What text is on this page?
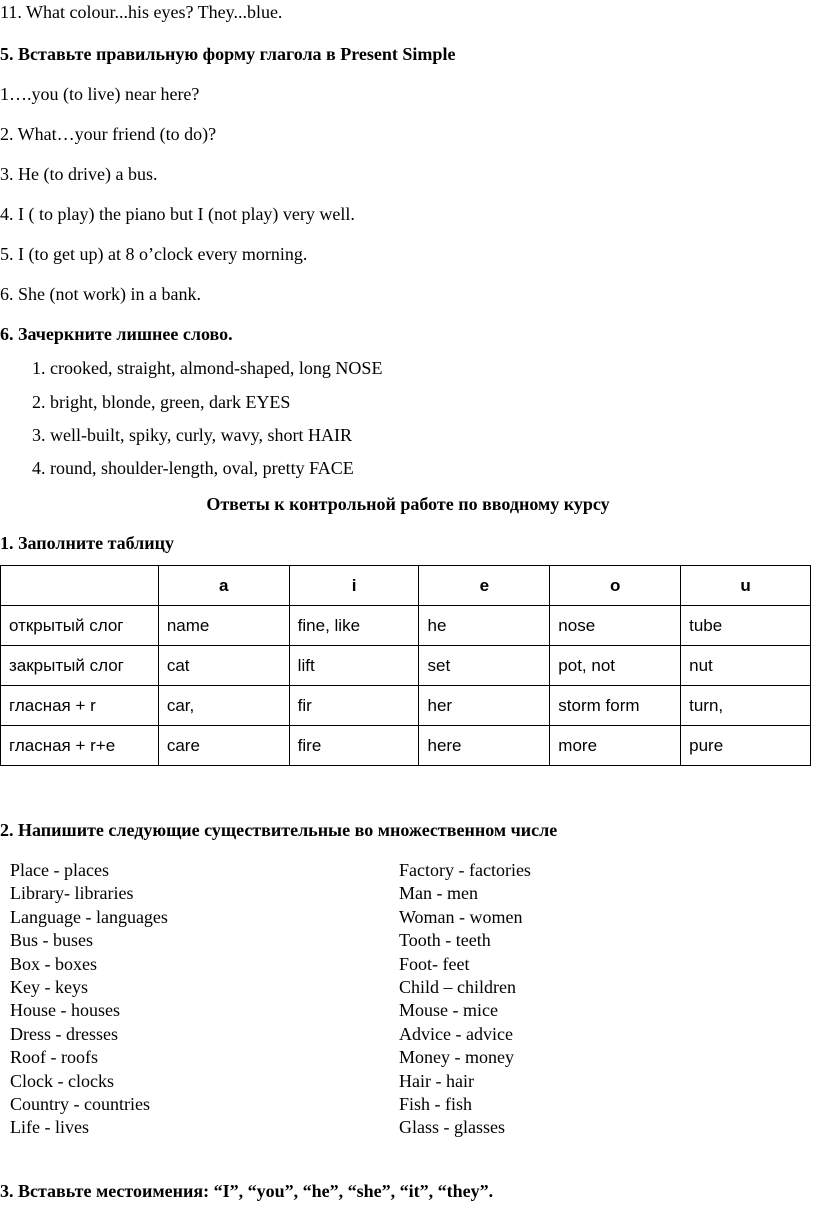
11. What colour...his eyes? They...blue.
5. Вставьте правильную форму глагола в Present Simple
1….you (to live) near here?
2. What…your friend (to do)?
3. He (to drive) a bus.
4. I ( to play) the piano but I (not play) very well.
5. I (to get up) at 8 o’clock every morning.
6. She (not work) in a bank.
6. Зачеркните лишнее слово.
1. crooked, straight, almond-shaped, long NOSE
2. bright, blonde, green, dark EYES
3. well-built, spiky, curly, wavy, short HAIR
4. round, shoulder-length, oval, pretty FACE
Ответы к контрольной работе по вводному курсу
1. Заполните таблицу
	a	i	e	o	u
открытый слог	name	fine, like	he	nose	tube
закрытый слог	cat	lift	set	pot, not	nut
гласная + r	car,	fir	her	storm form	turn,
гласная + r+e	care	fire	here	more	pure
2. Напишите следующие существительные во множественном числе
Place - places
Library- libraries
Language - languages
Bus - buses
Box - boxes
Key - keys
House - houses
Dress - dresses
Roof - roofs
Clock - clocks
Country - countries
Life - lives
Factory - factories
Man - men
Woman - women
Tooth - teeth
Foot- feet
Child – children
Mouse - mice
Advice - advice
Money - money
Hair - hair
Fish - fish
Glass - glasses
3. Вставьте местоимения: “I”, “you”, “he”, “she”, “it”, “they”.
